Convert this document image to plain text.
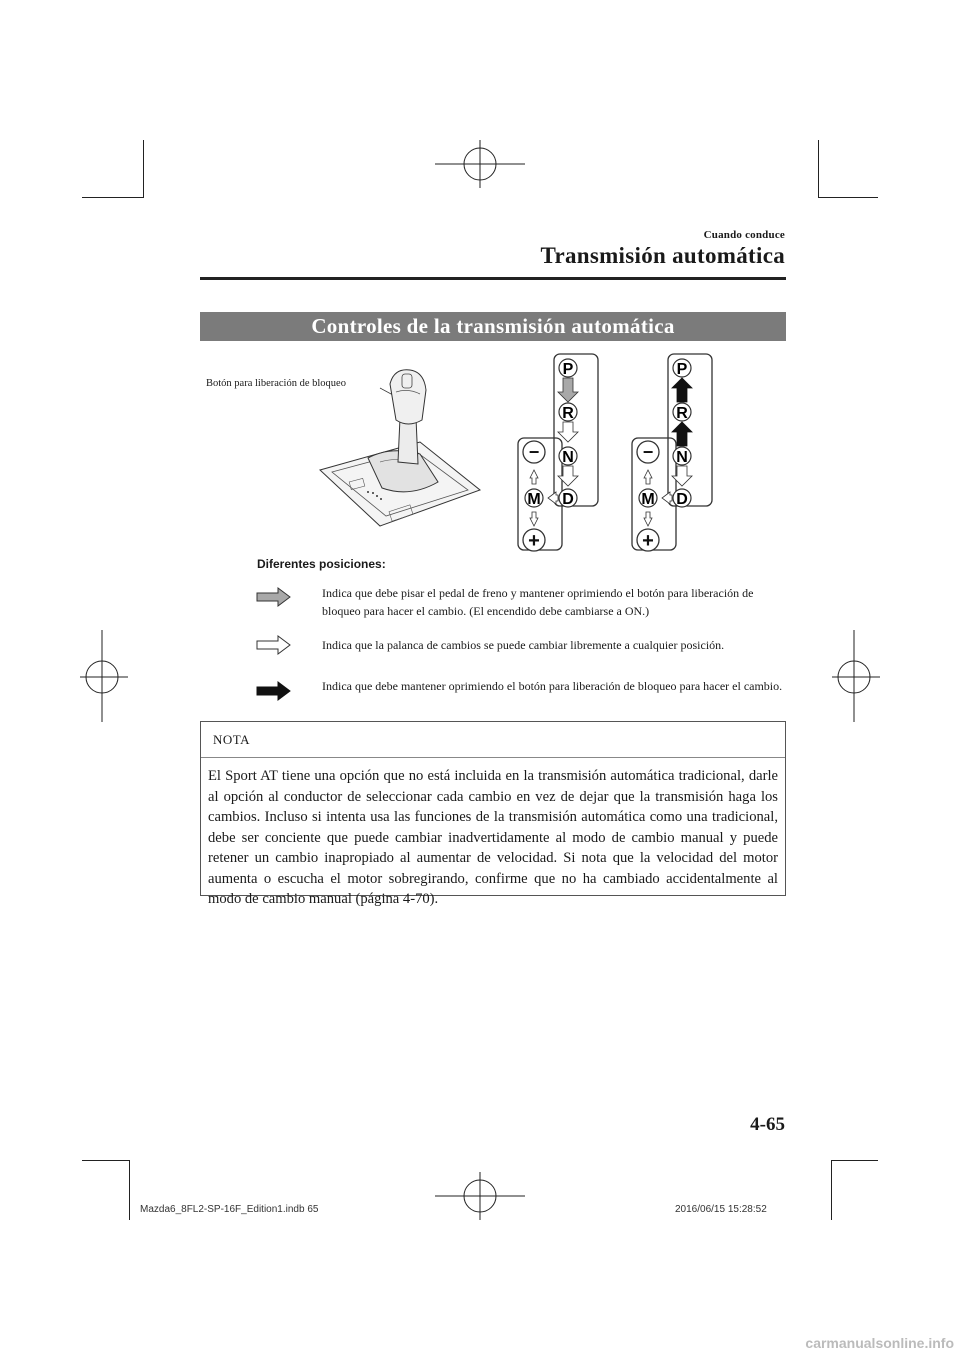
Cuando conduce
Transmisión automática
Controles de la transmisión automática
Botón para liberación de bloqueo
−
+
P
R
N
D
M
−
+
P
R
N
D
M
Diferentes posiciones:
Indica que debe pisar el pedal de freno y mantener oprimiendo el botón para liberación de bloqueo para hacer el cambio. (El encendido debe cambiarse a ON.)
Indica que la palanca de cambios se puede cambiar libremente a cualquier posición.
Indica que debe mantener oprimiendo el botón para liberación de bloqueo para hacer el cambio.
NOTA
El Sport AT tiene una opción que no está incluida en la transmisión automática tradicional, darle al opción al conductor de seleccionar cada cambio en vez de dejar que la transmisión haga los cambios. Incluso si intenta usa las funciones de la transmisión automática como una tradicional, debe ser conciente que puede cambiar inadvertidamente al modo de cambio manual y puede retener un cambio inapropiado al aumentar de velocidad. Si nota que la velocidad del motor aumenta o escucha el motor sobregirando, confirme que no ha cambiado accidentalmente al modo de cambio manual (página 4-70).
4-65
Mazda6_8FL2-SP-16F_Edition1.indb 65	2016/06/15 15:28:52
carmanualsonline.info
